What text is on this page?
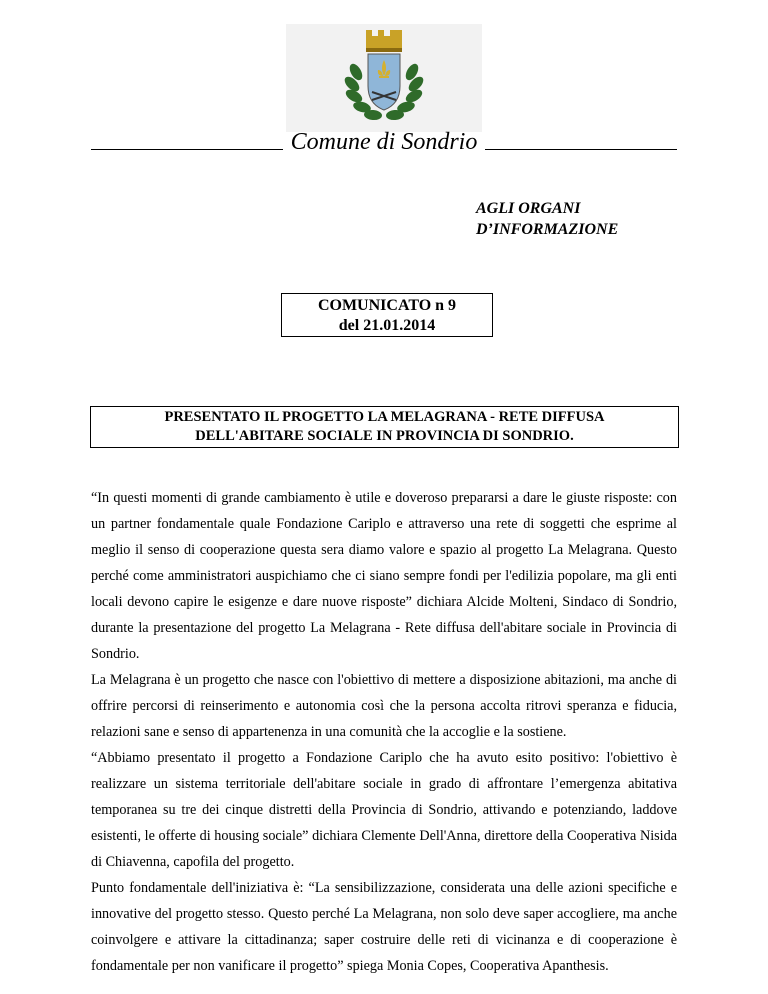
Comune di Sondrio
AGLI ORGANI
D’INFORMAZIONE
COMUNICATO n 9
del 21.01.2014
PRESENTATO IL PROGETTO LA MELAGRANA - RETE DIFFUSA
DELL'ABITARE SOCIALE IN PROVINCIA DI SONDRIO.

“In questi momenti di grande cambiamento è utile e doveroso prepararsi a dare le giuste risposte: con un partner fondamentale quale Fondazione Cariplo e attraverso una rete di soggetti che esprime al meglio il senso di cooperazione questa sera diamo valore e spazio al progetto La Melagrana. Questo perché come amministratori auspichiamo che ci siano sempre fondi per l'edilizia popolare, ma gli enti locali devono capire le esigenze e dare nuove risposte” dichiara Alcide Molteni, Sindaco di Sondrio, durante la presentazione del progetto La Melagrana - Rete diffusa dell'abitare sociale in Provincia di Sondrio.

La Melagrana è un progetto che nasce con l'obiettivo di mettere a disposizione abitazioni, ma anche di offrire percorsi di reinserimento e autonomia così che la persona accolta ritrovi speranza e fiducia, relazioni sane e senso di appartenenza in una comunità che la accoglie e la sostiene.

“Abbiamo presentato il progetto a Fondazione Cariplo che ha avuto esito positivo: l'obiettivo è realizzare un sistema territoriale dell'abitare sociale in grado di affrontare l’emergenza abitativa temporanea su tre dei cinque distretti della Provincia di Sondrio, attivando e potenziando, laddove esistenti, le offerte di housing sociale” dichiara Clemente Dell'Anna, direttore della Cooperativa Nisida di Chiavenna, capofila del progetto.

Punto fondamentale dell'iniziativa è: “La sensibilizzazione, considerata una delle azioni specifiche e innovative del progetto stesso. Questo perché La Melagrana, non solo deve saper accogliere, ma anche coinvolgere e attivare la cittadinanza; saper costruire delle reti di vicinanza e di cooperazione è fondamentale per non vanificare il progetto” spiega Monia Copes, Cooperativa Apanthesis.
